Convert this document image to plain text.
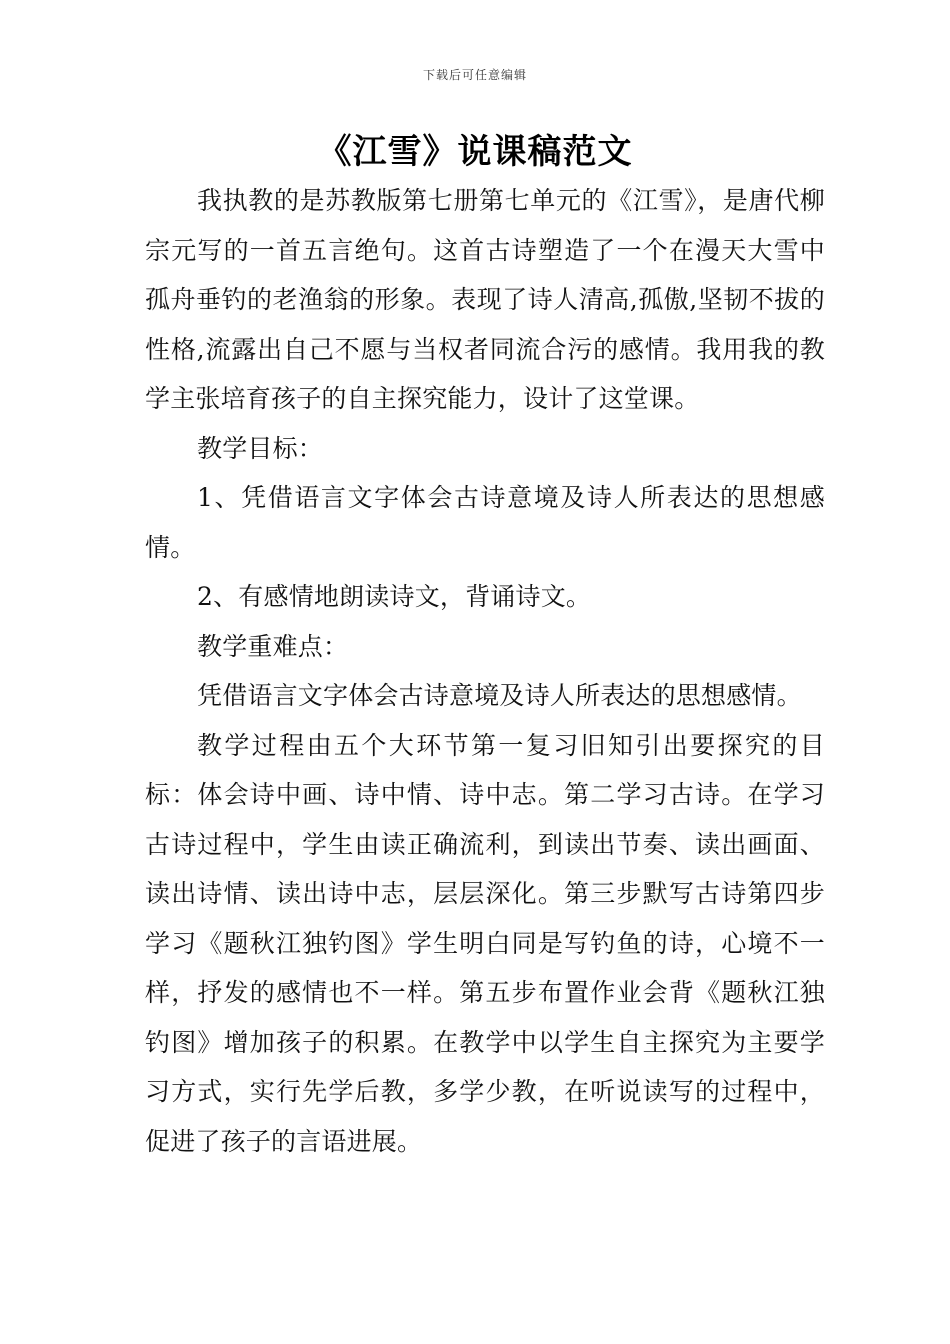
下载后可任意编辑
《江雪》说课稿范文

我执教的是苏教版第七册第七单元的《江雪》，是唐代柳宗元写的一首五言绝句。这首古诗塑造了一个在漫天大雪中孤舟垂钓的老渔翁的形象。表现了诗人清高,孤傲,坚韧不拔的性格,流露出自己不愿与当权者同流合污的感情。我用我的教学主张培育孩子的自主探究能力，设计了这堂课。

教学目标：

1、凭借语言文字体会古诗意境及诗人所表达的思想感情。

2、有感情地朗读诗文，背诵诗文。

教学重难点：

凭借语言文字体会古诗意境及诗人所表达的思想感情。

教学过程由五个大环节第一复习旧知引出要探究的目标：体会诗中画、诗中情、诗中志。第二学习古诗。在学习古诗过程中，学生由读正确流利，到读出节奏、读出画面、读出诗情、读出诗中志，层层深化。第三步默写古诗第四步学习《题秋江独钓图》学生明白同是写钓鱼的诗，心境不一样，抒发的感情也不一样。第五步布置作业会背《题秋江独钓图》增加孩子的积累。在教学中以学生自主探究为主要学习方式，实行先学后教，多学少教，在听说读写的过程中，促进了孩子的言语进展。
